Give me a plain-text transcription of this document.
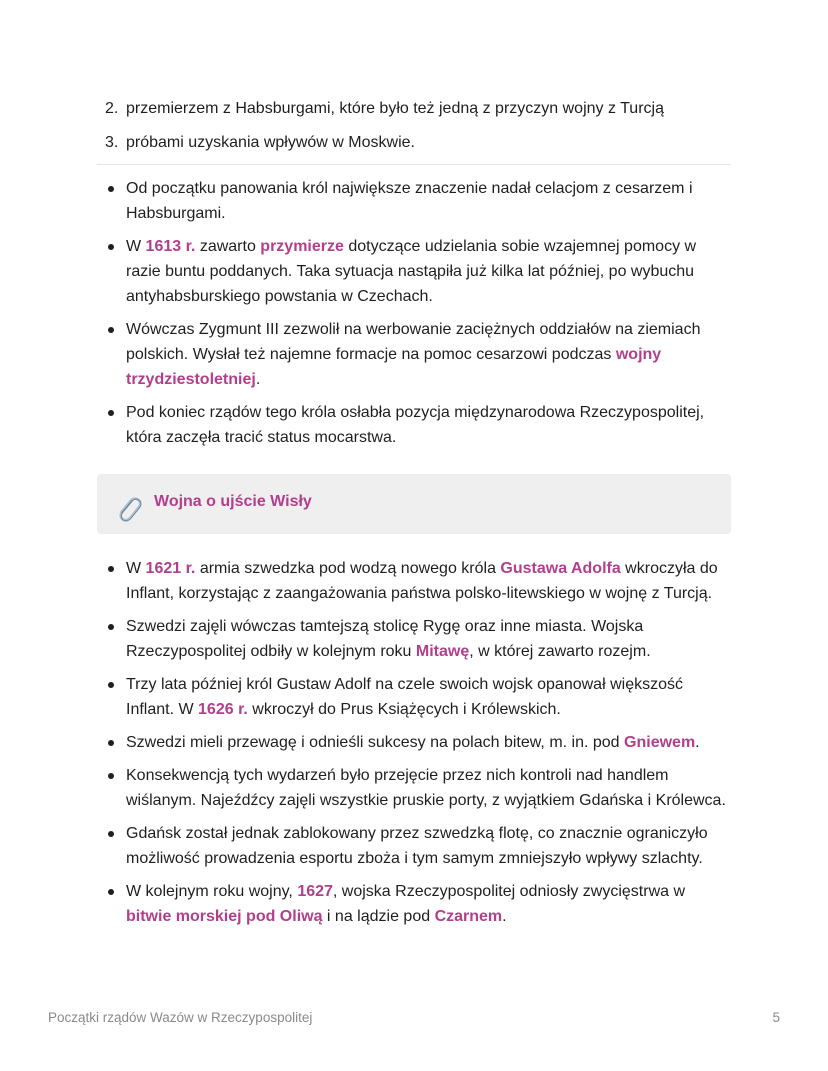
2. przemierzem z Habsburgami, które było też jedną z przyczyn wojny z Turcją
3. próbami uzyskania wpływów w Moskwie.
Od początku panowania król największe znaczenie nadał celacjom z cesarzem i Habsburgami.
W 1613 r. zawarto przymierze dotyczące udzielania sobie wzajemnej pomocy w razie buntu poddanych. Taka sytuacja nastąpiła już kilka lat później, po wybuchu antyhabsburskiego powstania w Czechach.
Wówczas Zygmunt III zezwolił na werbowanie zaciężnych oddziałów na ziemiach polskich. Wysłał też najemne formacje na pomoc cesarzowi podczas wojny trzydziestoletniej.
Pod koniec rządów tego króla osłabła pozycja międzynarodowa Rzeczypospolitej, która zaczęła tracić status mocarstwa.
Wojna o ujście Wisły
W 1621 r. armia szwedzka pod wodzą nowego króla Gustawa Adolfa wkroczyła do Inflant, korzystając z zaangażowania państwa polsko-litewskiego w wojnę z Turcją.
Szwedzi zajęli wówczas tamtejszą stolicę Rygę oraz inne miasta. Wojska Rzeczypospolitej odbiły w kolejnym roku Mitawę, w której zawarto rozejm.
Trzy lata później król Gustaw Adolf na czele swoich wojsk opanował większość Inflant. W 1626 r. wkroczył do Prus Książęcych i Królewskich.
Szwedzi mieli przewagę i odnieśli sukcesy na polach bitew, m. in. pod Gniewem.
Konsekwencją tych wydarzeń było przejęcie przez nich kontroli nad handlem wiślanym. Najeźdźcy zajęli wszystkie pruskie porty, z wyjątkiem Gdańska i Królewca.
Gdańsk został jednak zablokowany przez szwedzką flotę, co znacznie ograniczyło możliwość prowadzenia esportu zboża i tym samym zmniejszyło wpływy szlachty.
W kolejnym roku wojny, 1627, wojska Rzeczypospolitej odniosły zwycięstrwa w bitwie morskiej pod Oliwą i na lądzie pod Czarnem.
Początki rządów Wazów w Rzeczypospolitej	5
